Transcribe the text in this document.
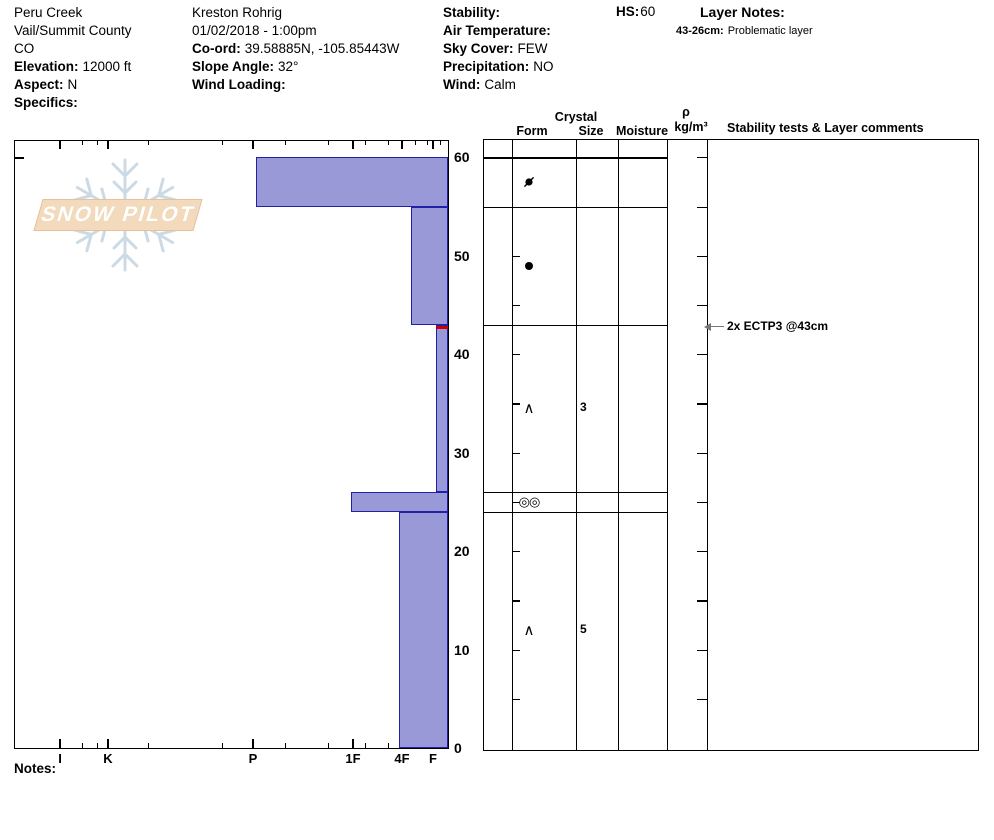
Peru Creek
Vail/Summit County
CO
Elevation: 12000 ft
Aspect: N
Specifics:
Kreston Rohrig
01/02/2018 - 1:00pm
Co-ord: 39.58885N, -105.85443W
Slope Angle: 32°
Wind Loading:
Stability:
Air Temperature:
Sky Cover: FEW
Precipitation: NO
Wind: Calm
HS:60	Layer Notes:
43-26cm: Problematic layer
SNOW PILOT
Crystal
Form	Size Moisture
ρ
kg/m³	Stability tests & Layer comments
Notes:
I	K	P	1F	4F	F
60
50
40
30
20
10
0
∧	3
◎◎
∧	5
2x ECTP3 @43cm
